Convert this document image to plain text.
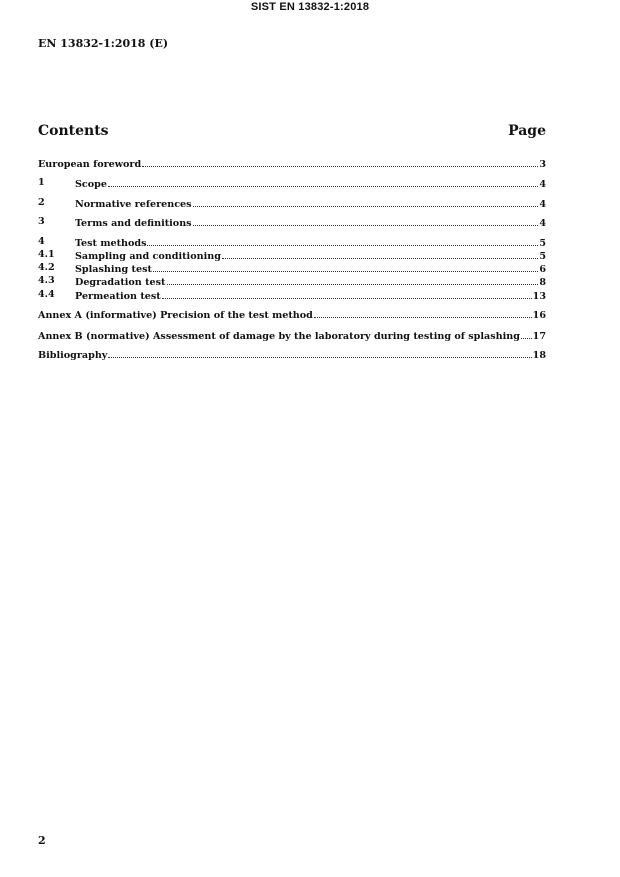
SIST EN 13832-1:2018
EN 13832-1:2018 (E)
Contents	Page
European foreword	3
1	Scope	4
2	Normative references	4
3	Terms and definitions	4
4	Test methods	5
4.1 Sampling and conditioning	5
4.2 Splashing test	6
4.3 Degradation test	8
4.4 Permeation test	13
Annex A (informative) Precision of the test method	16
Annex B (normative) Assessment of damage by the laboratory during testing of splashing 17
Bibliography	18
2
